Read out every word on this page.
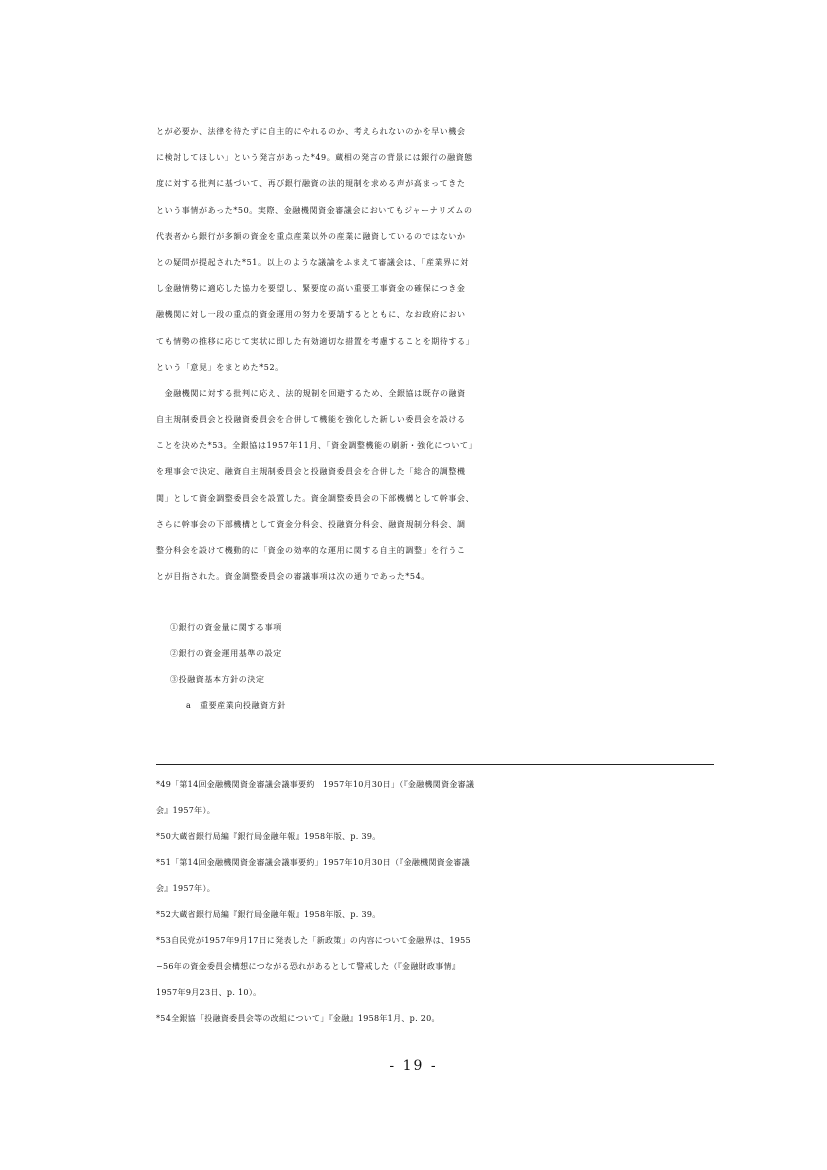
とが必要か、法律を待たずに自主的にやれるのか、考えられないのかを早い機会
に検討してほしい」という発言があった*49。蔵相の発言の背景には銀行の融資態
度に対する批判に基づいて、再び銀行融資の法的規制を求める声が高まってきた
という事情があった*50。実際、金融機関資金審議会においてもジャーナリズムの
代表者から銀行が多額の資金を重点産業以外の産業に融資しているのではないか
との疑問が提起された*51。以上のような議論をふまえて審議会は、「産業界に対
し金融情勢に適応した協力を要望し、緊要度の高い重要工事資金の確保につき金
融機関に対し一段の重点的資金運用の努力を要請するとともに、なお政府におい
ても情勢の推移に応じて実状に即した有効適切な措置を考慮することを期待する」
という「意見」をまとめた*52。
　金融機関に対する批判に応え、法的規制を回避するため、全銀協は既存の融資
自主規制委員会と投融資委員会を合併して機能を強化した新しい委員会を設ける
ことを決めた*53。全銀協は1957年11月、「資金調整機能の刷新・強化について」
を理事会で決定、融資自主規制委員会と投融資委員会を合併した「総合的調整機
関」として資金調整委員会を設置した。資金調整委員会の下部機構として幹事会、
さらに幹事会の下部機構として資金分科会、投融資分科会、融資規制分科会、調
整分科会を設けて機動的に「資金の効率的な運用に関する自主的調整」を行うこ
とが目指された。資金調整委員会の審議事項は次の通りであった*54。
①銀行の資金量に関する事項
②銀行の資金運用基準の設定
③投融資基本方針の決定
a　重要産業向投融資方針
*49「第14回金融機関資金審議会議事要約　1957年10月30日」（『金融機関資金審議
会』1957年）。
*50大蔵省銀行局編『銀行局金融年報』1958年版、p. 39。
*51「第14回金融機関資金審議会議事要約」1957年10月30日（『金融機関資金審議
会』1957年）。
*52大蔵省銀行局編『銀行局金融年報』1958年版、p. 39。
*53自民党が1957年9月17日に発表した「新政策」の内容について金融界は、1955
−56年の資金委員会構想につながる恐れがあるとして警戒した（『金融財政事情』
1957年9月23日、p. 10）。
*54全銀協「投融資委員会等の改組について」『金融』1958年1月、p. 20。
- 19 -
